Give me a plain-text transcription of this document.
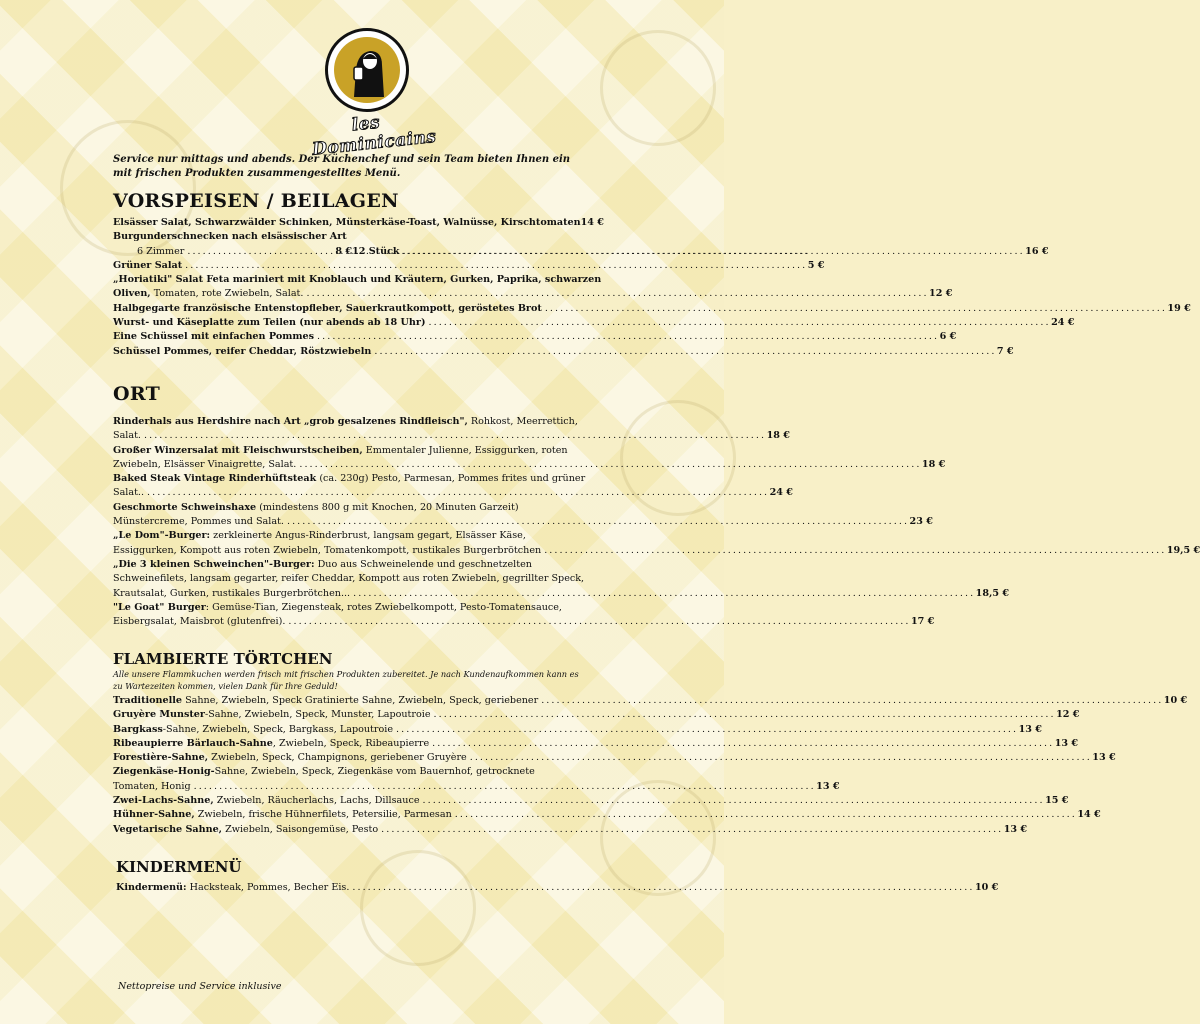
les Dominicains
Service nur mittags und abends. Der Küchenchef und sein Team bieten Ihnen ein mit frischen Produkten zusammengestelltes Menü.
VORSPEISEN / BEILAGEN
Elsässer Salat, Schwarzwälder Schinken, Münsterkäse-Toast, Walnüsse, Kirschtomaten 14 €
Burgunderschnecken nach elsässischer Art
6 Zimmer . . .	8 € 12 Stück . . .	16 €
Grüner Salat . . .	5 €
„Horiatiki" Salat Feta mariniert mit Knoblauch und Kräutern, Gurken, Paprika, schwarzen
Oliven, Tomaten, rote Zwiebeln, Salat. . . .	12 €
Halbgegarte französische Entenstopfleber, Sauerkrautkompott, geröstetes Brot . . .	19 €
Wurst- und Käseplatte zum Teilen (nur abends ab 18 Uhr) . . .	24 €
Eine Schüssel mit einfachen Pommes . . .	6 €
Schüssel Pommes, reifer Cheddar, Röstzwiebeln . . .	7 €
ORT
Rinderhals aus Herdshire nach Art „grob gesalzenes Rindfleisch", Rohkost, Meerrettich,
Salat. . . .	18 €
Großer Winzersalat mit Fleischwurstscheiben, Emmentaler Julienne, Essiggurken, roten
Zwiebeln, Elsässer Vinaigrette, Salat. . . .	18 €
Baked Steak Vintage Rinderhüftsteak (ca. 230g) Pesto, Parmesan, Pommes frites und grüner
Salat.. . . .	24 €
Geschmorte Schweinshaxe (mindestens 800 g mit Knochen, 20 Minuten Garzeit)
Münstercreme, Pommes und Salat. . . .	23 €
„Le Dom"-Burger: zerkleinerte Angus-Rinderbrust, langsam gegart, Elsässer Käse,
Essiggurken, Kompott aus roten Zwiebeln, Tomatenkompott, rustikales Burgerbrötchen . . .	19,5 €
„Die 3 kleinen Schweinchen"-Burger: Duo aus Schweinelende und geschnetzelten
Schweinefilets, langsam gegarter, reifer Cheddar, Kompott aus roten Zwiebeln, gegrillter Speck,
Krautsalat, Gurken, rustikales Burgerbrötchen... . . .	18,5 €
"Le Goat" Burger: Gemüse-Tian, Ziegensteak, rotes Zwiebelkompott, Pesto-Tomatensauce,
Eisbergsalat, Maisbrot (glutenfrei). . . .	17 €
FLAMBIERTE TÖRTCHEN
Alle unsere Flammkuchen werden frisch mit frischen Produkten zubereitet. Je nach Kundenaufkommen kann es zu Wartezeiten kommen, vielen Dank für Ihre Geduld!
Traditionelle Sahne, Zwiebeln, Speck Gratinierte Sahne, Zwiebeln, Speck, geriebener . . .	10 €
Gruyère Munster-Sahne, Zwiebeln, Speck, Munster, Lapoutroie . . .	12 €
Bargkass-Sahne, Zwiebeln, Speck, Bargkass, Lapoutroie . . .	13 €
Ribeaupierre Bärlauch-Sahne, Zwiebeln, Speck, Ribeaupierre . . .	13 €
Forestière-Sahne, Zwiebeln, Speck, Champignons, geriebener Gruyère . . .	13 €
Ziegenkäse-Honig-Sahne, Zwiebeln, Speck, Ziegenkäse vom Bauernhof, getrocknete
Tomaten, Honig . . .	13 €
Zwei-Lachs-Sahne, Zwiebeln, Räucherlachs, Lachs, Dillsauce . . .	15 €
Hühner-Sahne, Zwiebeln, frische Hühnerfilets, Petersilie, Parmesan . . .	14 €
Vegetarische Sahne, Zwiebeln, Saisongemüse, Pesto . . .	13 €
KINDERMENÜ
Kindermenü: Hacksteak, Pommes, Becher Eis. . . .	10 €
Nettopreise und Service inklusive
